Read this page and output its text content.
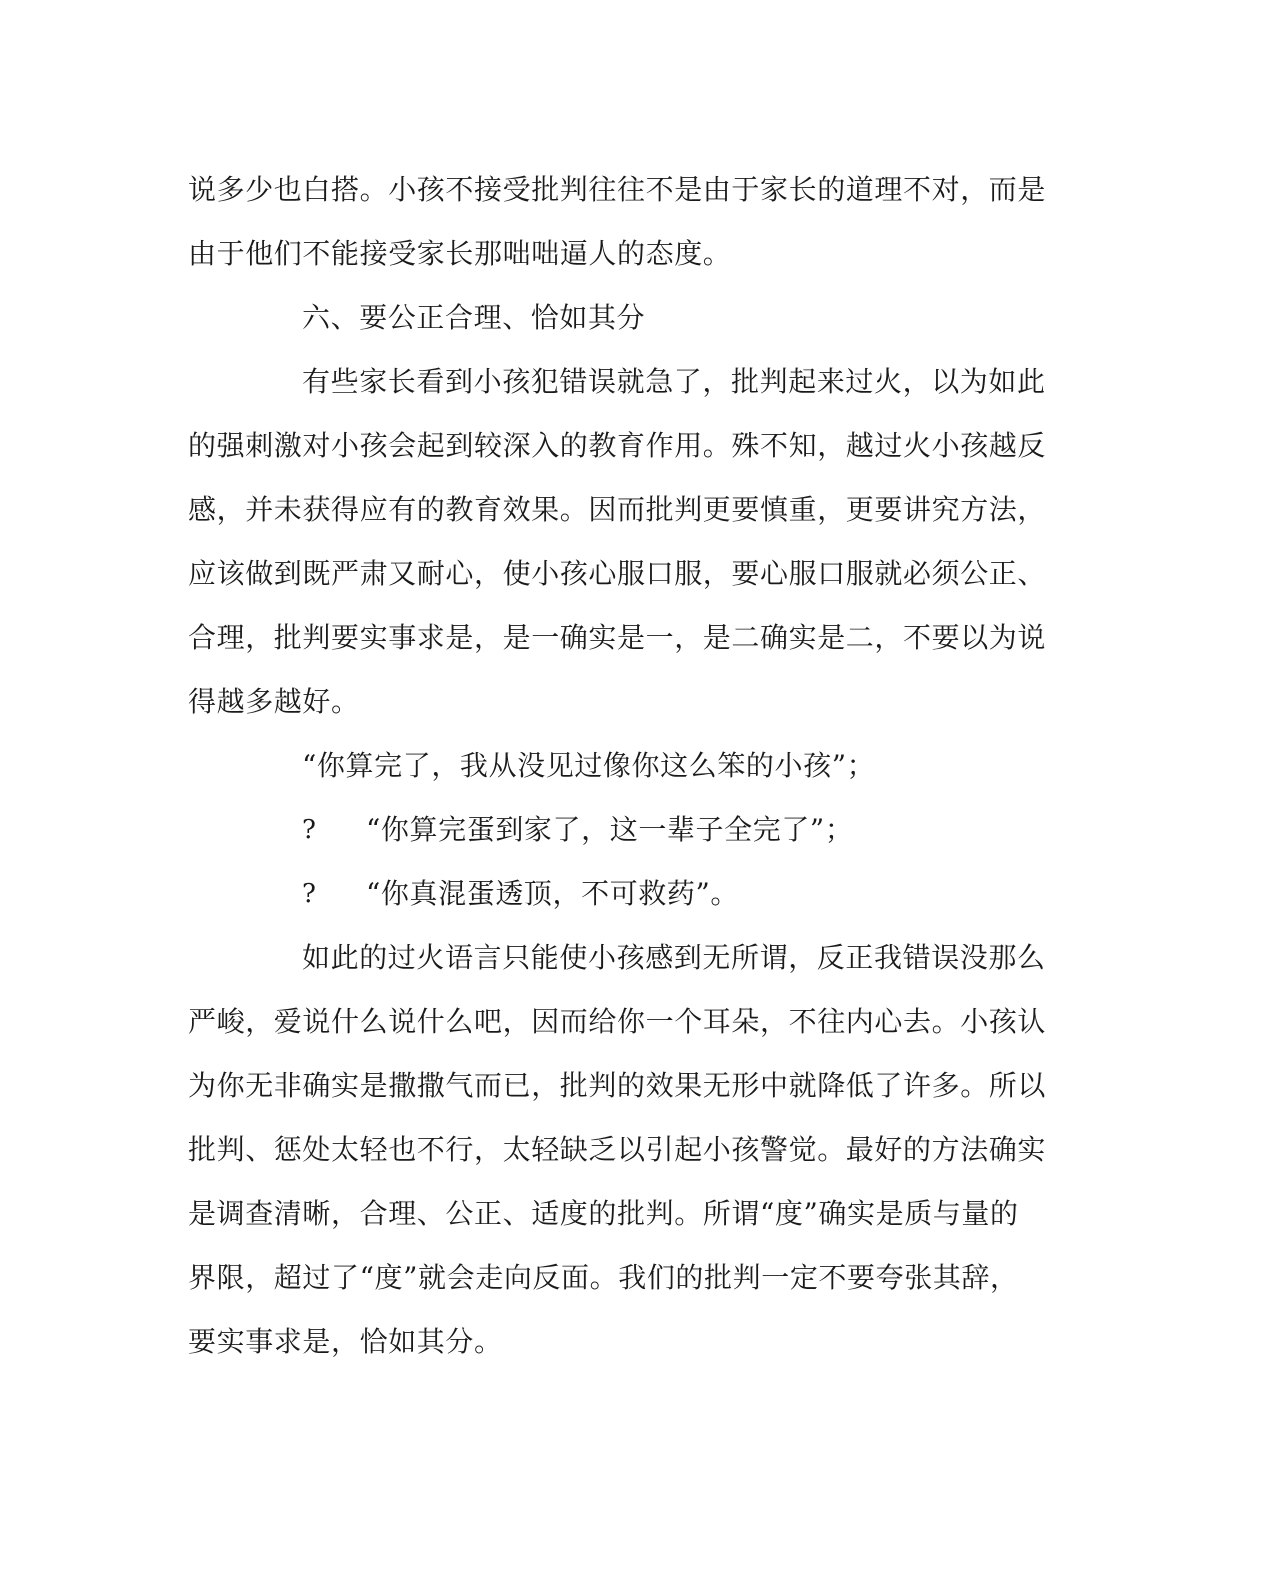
说多少也白搭。小孩不接受批判往往不是由于家长的道理不对，而是
由于他们不能接受家长那咄咄逼人的态度。
六、要公正合理、恰如其分
有些家长看到小孩犯错误就急了，批判起来过火，以为如此
的强刺激对小孩会起到较深入的教育作用。殊不知，越过火小孩越反
感，并未获得应有的教育效果。因而批判更要慎重，更要讲究方法，
应该做到既严肃又耐心，使小孩心服口服，要心服口服就必须公正、
合理，批判要实事求是，是一确实是一，是二确实是二，不要以为说
得越多越好。
“你算完了，我从没见过像你这么笨的小孩”；
? “你算完蛋到家了，这一辈子全完了”；
? “你真混蛋透顶，不可救药”。
如此的过火语言只能使小孩感到无所谓，反正我错误没那么
严峻，爱说什么说什么吧，因而给你一个耳朵，不往内心去。小孩认
为你无非确实是撒撒气而已，批判的效果无形中就降低了许多。所以
批判、惩处太轻也不行，太轻缺乏以引起小孩警觉。最好的方法确实
是调查清晰，合理、公正、适度的批判。所谓“度”确实是质与量的
界限，超过了“度”就会走向反面。我们的批判一定不要夸张其辞，
要实事求是，恰如其分。
